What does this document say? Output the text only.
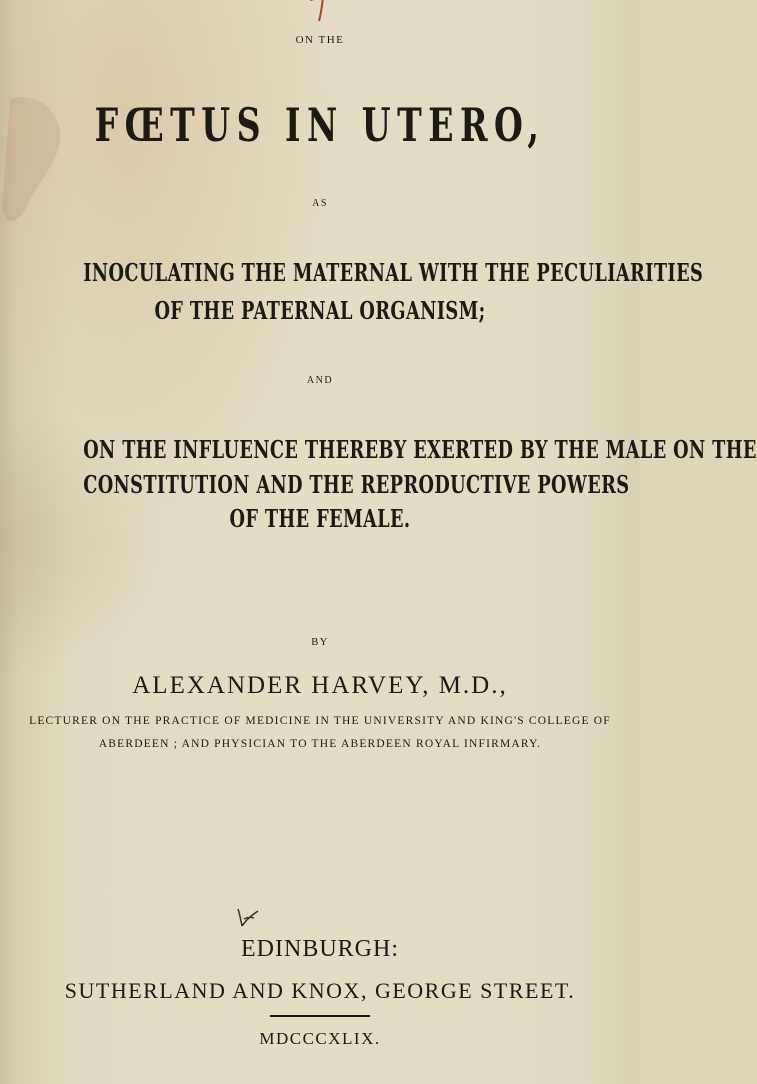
ON THE
FŒTUS IN UTERO,
AS
INOCULATING THE MATERNAL WITH THE PECULIARITIES
OF THE PATERNAL ORGANISM;
AND
ON THE INFLUENCE THEREBY EXERTED BY THE MALE ON THE
CONSTITUTION AND THE REPRODUCTIVE POWERS
OF THE FEMALE.
BY
ALEXANDER HARVEY, M.D.,
LECTURER ON THE PRACTICE OF MEDICINE IN THE UNIVERSITY AND KING'S COLLEGE OF
ABERDEEN ; AND PHYSICIAN TO THE ABERDEEN ROYAL INFIRMARY.
EDINBURGH:
SUTHERLAND AND KNOX, GEORGE STREET.
MDCCCXLIX.
